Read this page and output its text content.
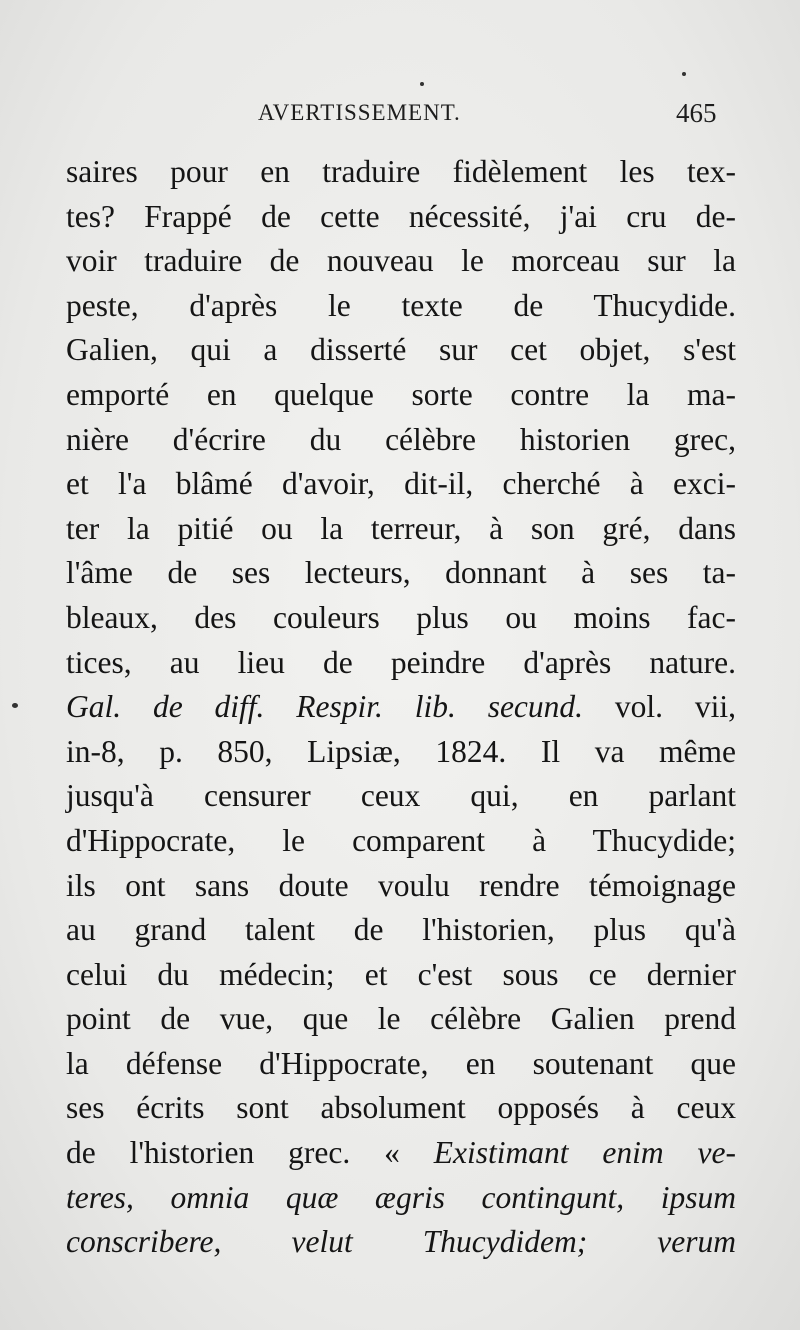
AVERTISSEMENT.	465
saires pour en traduire fidèlement les tex-
tes? Frappé de cette nécessité, j'ai cru de-
voir traduire de nouveau le morceau sur la
peste, d'après le texte de Thucydide.
Galien, qui a disserté sur cet objet, s'est
emporté en quelque sorte contre la ma-
nière d'écrire du célèbre historien grec,
et l'a blâmé d'avoir, dit-il, cherché à exci-
ter la pitié ou la terreur, à son gré, dans
l'âme de ses lecteurs, donnant à ses ta-
bleaux, des couleurs plus ou moins fac-
tices, au lieu de peindre d'après nature.
Gal. de diff. Respir. lib. secund. vol. vii,
in-8, p. 850, Lipsiæ, 1824. Il va même
jusqu'à censurer ceux qui, en parlant
d'Hippocrate, le comparent à Thucydide;
ils ont sans doute voulu rendre témoignage
au grand talent de l'historien, plus qu'à
celui du médecin; et c'est sous ce dernier
point de vue, que le célèbre Galien prend
la défense d'Hippocrate, en soutenant que
ses écrits sont absolument opposés à ceux
de l'historien grec. « Existimant enim ve-
teres, omnia quæ ægris contingunt, ipsum
conscribere, velut Thucydidem; verum
